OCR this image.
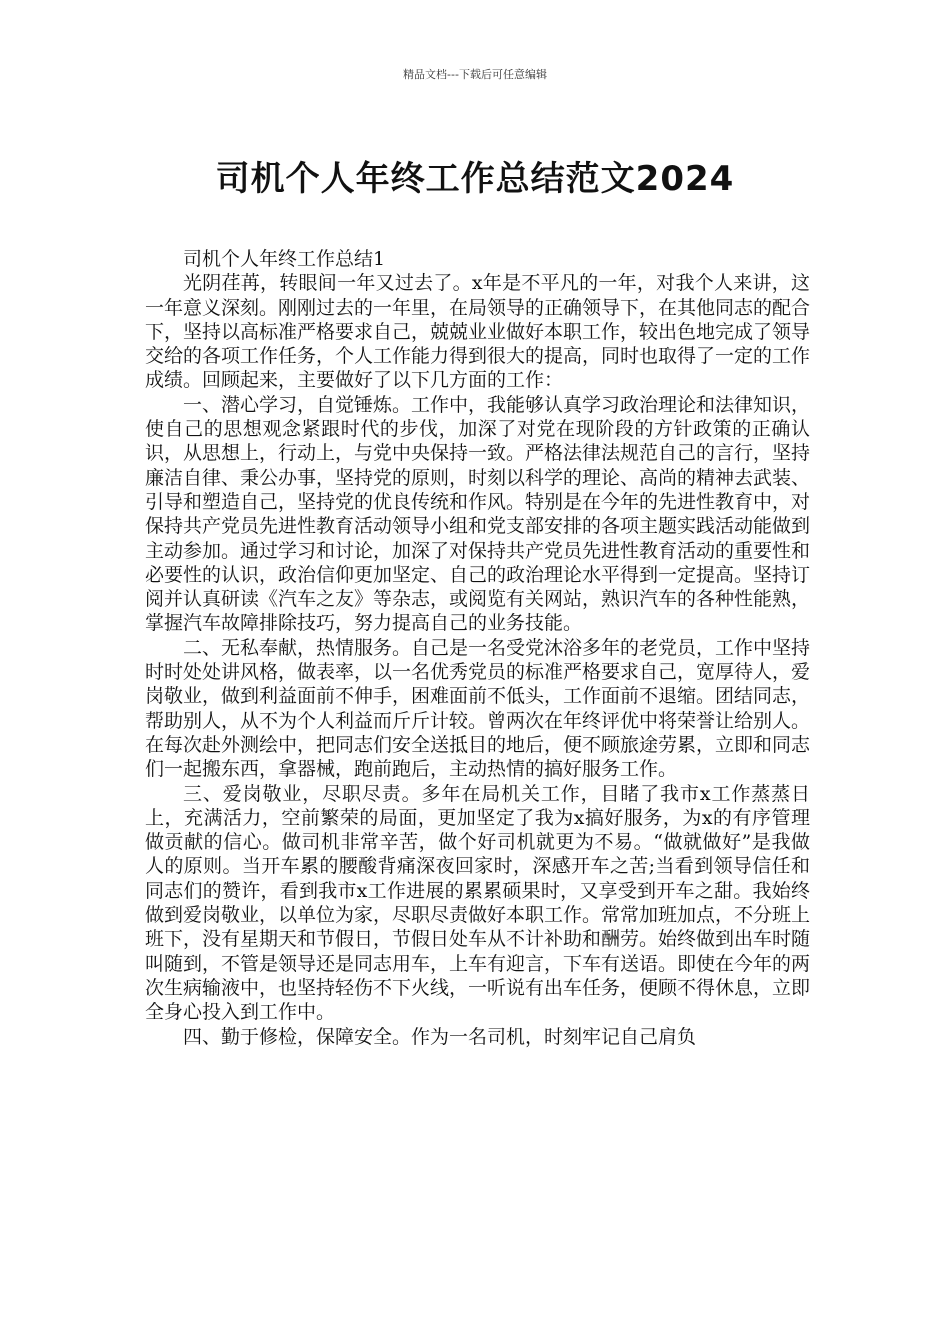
精品文档---下载后可任意编辑
司机个人年终工作总结范文2024

司机个人年终工作总结1

光阴荏苒，转眼间一年又过去了。x年是不平凡的一年，对我个人来讲，这一年意义深刻。刚刚过去的一年里，在局领导的正确领导下，在其他同志的配合下，坚持以高标准严格要求自己，兢兢业业做好本职工作，较出色地完成了领导交给的各项工作任务，个人工作能力得到很大的提高，同时也取得了一定的工作成绩。回顾起来，主要做好了以下几方面的工作：

一、潜心学习，自觉锤炼。工作中，我能够认真学习政治理论和法律知识，使自己的思想观念紧跟时代的步伐，加深了对党在现阶段的方针政策的正确认识，从思想上，行动上，与党中央保持一致。严格法律法规范自己的言行，坚持廉洁自律、秉公办事，坚持党的原则，时刻以科学的理论、高尚的精神去武装、引导和塑造自己，坚持党的优良传统和作风。特别是在今年的先进性教育中，对保持共产党员先进性教育活动领导小组和党支部安排的各项主题实践活动能做到主动参加。通过学习和讨论，加深了对保持共产党员先进性教育活动的重要性和必要性的认识，政治信仰更加坚定、自己的政治理论水平得到一定提高。坚持订阅并认真研读《汽车之友》等杂志，或阅览有关网站，熟识汽车的各种性能熟，掌握汽车故障排除技巧，努力提高自己的业务技能。

二、无私奉献，热情服务。自己是一名受党沐浴多年的老党员，工作中坚持时时处处讲风格，做表率，以一名优秀党员的标准严格要求自己，宽厚待人，爱岗敬业，做到利益面前不伸手，困难面前不低头，工作面前不退缩。团结同志，帮助别人，从不为个人利益而斤斤计较。曾两次在年终评优中将荣誉让给别人。在每次赴外测绘中，把同志们安全送抵目的地后，便不顾旅途劳累，立即和同志们一起搬东西，拿器械，跑前跑后，主动热情的搞好服务工作。

三、爱岗敬业，尽职尽责。多年在局机关工作，目睹了我市x工作蒸蒸日上，充满活力，空前繁荣的局面，更加坚定了我为x搞好服务，为x的有序管理做贡献的信心。做司机非常辛苦，做个好司机就更为不易。“做就做好”是我做人的原则。当开车累的腰酸背痛深夜回家时，深感开车之苦;当看到领导信任和同志们的赞许，看到我市x工作进展的累累硕果时，又享受到开车之甜。我始终做到爱岗敬业，以单位为家，尽职尽责做好本职工作。常常加班加点，不分班上班下，没有星期天和节假日，节假日处车从不计补助和酬劳。始终做到出车时随叫随到，不管是领导还是同志用车，上车有迎言，下车有送语。即使在今年的两次生病输液中，也坚持轻伤不下火线，一听说有出车任务，便顾不得休息，立即全身心投入到工作中。

四、勤于修检，保障安全。作为一名司机，时刻牢记自己肩负
